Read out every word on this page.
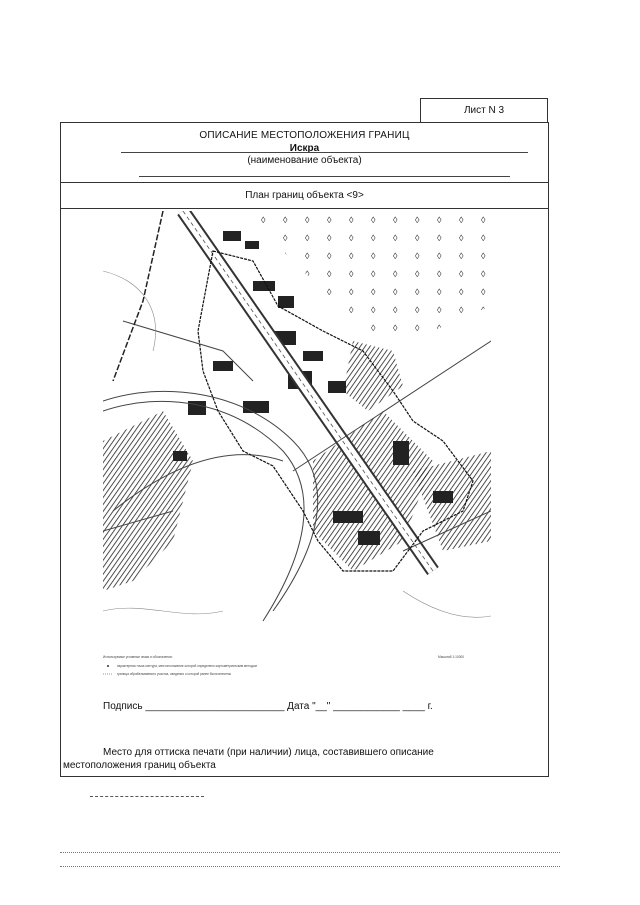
Лист N 3
ОПИСАНИЕ МЕСТОПОЛОЖЕНИЯ ГРАНИЦ
Искра
(наименование объекта)
План границ объекта <9>
Используемые условные знаки и обозначения:
характерная точка контура, местоположение которой определено картометрическим методом
граница обрабатываемого участка, сведения о которой ранее были внесены
Масштаб 1:10000
Подпись _________________________ Дата "__" ____________ ____ г.
Место для оттиска печати (при наличии) лица, составившего описание
местоположения границ объекта
